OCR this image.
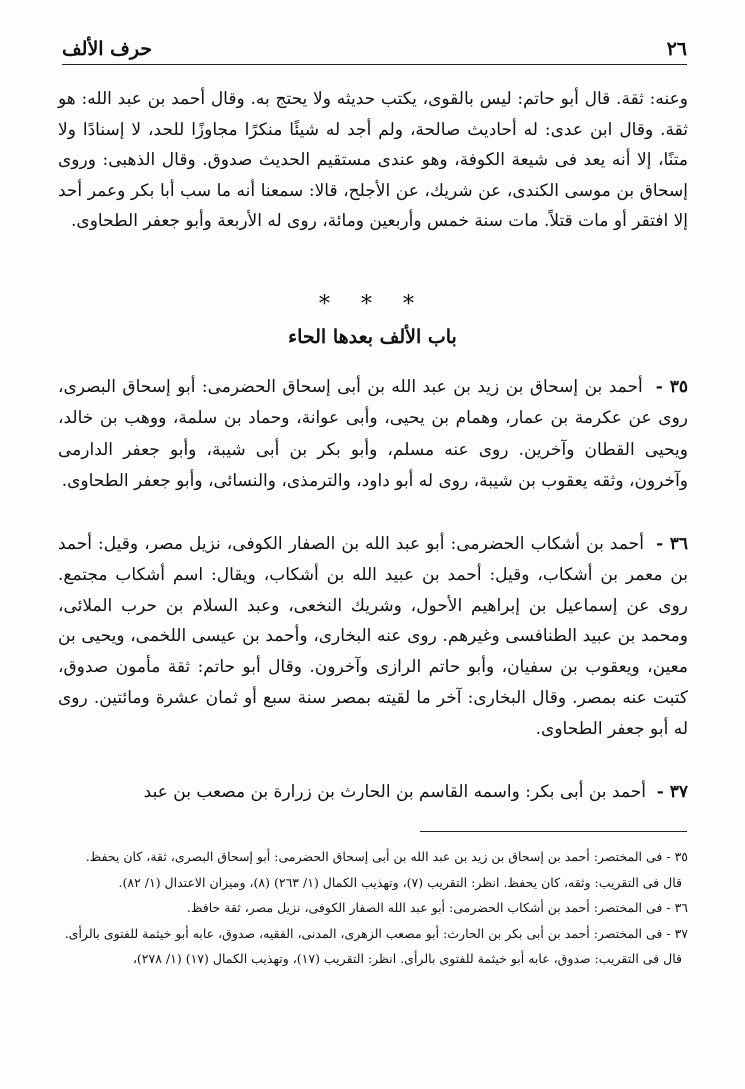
٢٦
حرف الألف

وعنه: ثقة. قال أبو حاتم: ليس بالقوى، يكتب حديثه ولا يحتج به. وقال أحمد بن عبد الله: هو ثقة. وقال ابن عدى: له أحاديث صالحة، ولم أجد له شيئًا منكرًا مجاوزًا للحد، لا إسنادًا ولا متنًا، إلا أنه يعد فى شيعة الكوفة، وهو عندى مستقيم الحديث صدوق. وقال الذهبى: وروى إسحاق بن موسى الكندى، عن شريك، عن الأجلح، قالا: سمعنا أنه ما سب أبا بكر وعمر أحد إلا افتقر أو مات قتلاً. مات سنة خمس وأربعين ومائة، روى له الأربعة وأبو جعفر الطحاوى.

* * *
باب الألف بعدها الحاء

٣٥ -  أحمد بن إسحاق بن زيد بن عبد الله بن أبى إسحاق الحضرمى: أبو إسحاق البصرى، روى عن عكرمة بن عمار، وهمام بن يحيى، وأبى عوانة، وحماد بن سلمة، ووهب بن خالد، ويحيى القطان وآخرين. روى عنه مسلم، وأبو بكر بن أبى شيبة، وأبو جعفر الدارمى وآخرون، وثقه يعقوب بن شيبة، روى له أبو داود، والترمذى، والنسائى، وأبو جعفر الطحاوى.

٣٦ -  أحمد بن أشكاب الحضرمى: أبو عبد الله بن الصفار الكوفى، نزيل مصر، وقيل: أحمد بن معمر بن أشكاب، وقيل: أحمد بن عبيد الله بن أشكاب، ويقال: اسم أشكاب مجتمع. روى عن إسماعيل بن إبراهيم الأحول، وشريك النخعى، وعبد السلام بن حرب الملائى، ومحمد بن عبيد الطنافسى وغيرهم. روى عنه البخارى، وأحمد بن عيسى اللخمى، ويحيى بن معين، ويعقوب بن سفيان، وأبو حاتم الرازى وآخرون. وقال أبو حاتم: ثقة مأمون صدوق، كتبت عنه بمصر. وقال البخارى: آخر ما لقيته بمصر سنة سبع أو ثمان عشرة ومائتين. روى له أبو جعفر الطحاوى.

٣٧ -  أحمد بن أبى بكر: واسمه القاسم بن الحارث بن زرارة بن مصعب بن عبد

٣٥ - فى المختصر: أحمد بن إسحاق بن زيد بن عبد الله بن أبى إسحاق الحضرمى: أبو إسحاق البصرى، ثقة، كان يحفظ.

قال فى التقريب: وثقه، كان يحفظ. انظر: التقريب (٧)، وتهذيب الكمال (١/ ٢٦٣) (٨)، وميزان الاعتدال (١/ ٨٢).

٣٦ - فى المختصر: أحمد بن أشكاب الحضرمى: أبو عبد الله الصفار الكوفى، نزيل مصر، ثقة حافظ.

٣٧ - فى المختصر: أحمد بن أبى بكر بن الحارث: أبو مصعب الزهرى، المدنى، الفقيه، صدوق، عابه أبو خيثمة للفتوى بالرأى.

قال فى التقريب: صدوق، عابه أبو خيثمة للفتوى بالرأى. انظر: التقريب (١٧)، وتهذيب الكمال (١٧) (١/ ٢٧٨)،
